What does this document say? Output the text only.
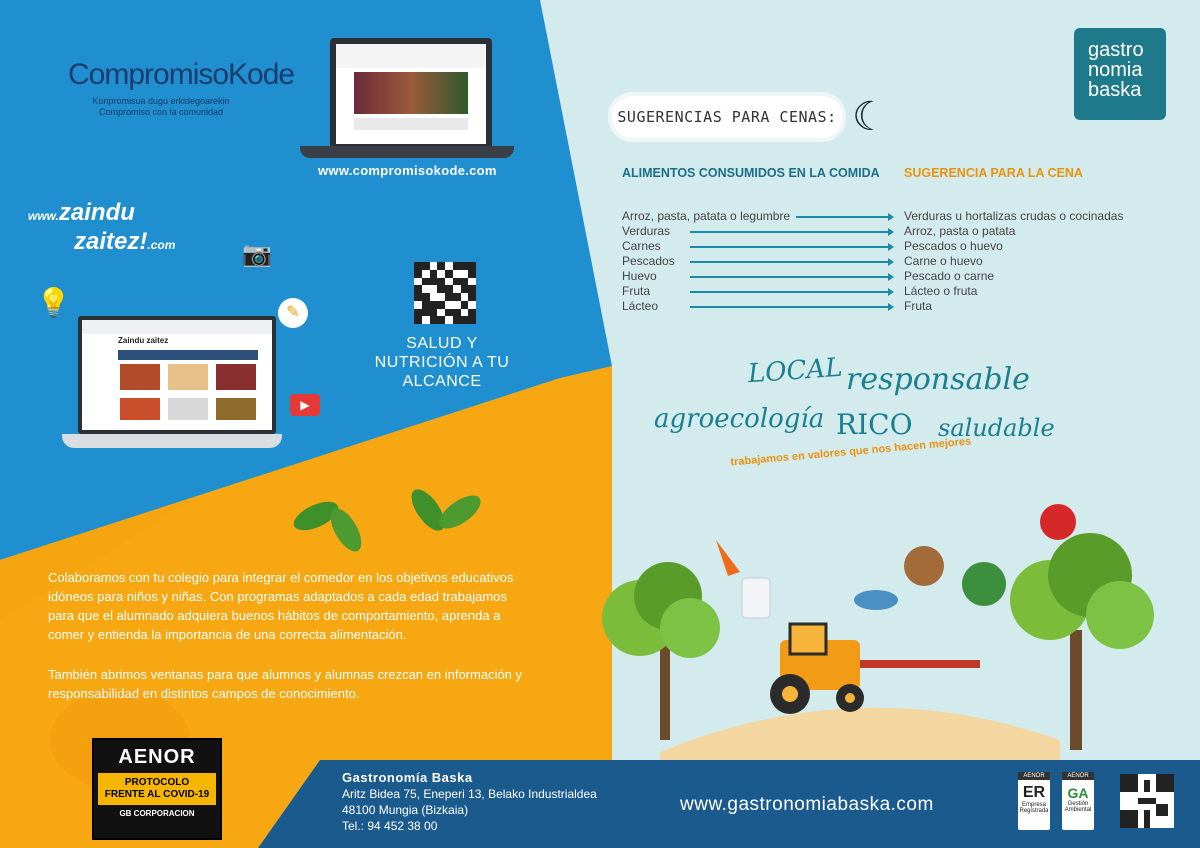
CompromisoKode
Konpromisua dugu erkidegoarekin
Compromiso con la comunidad
www.compromisokode.com
www.zaindu
zaitez!.com
💡
📷
✎
▶
Zaindu zaitez	SALUD Y NUTRICIÓN A TU ALCANCE
gastro
nomia
baska
SUGERENCIAS PARA CENAS: ☾
ALIMENTOS CONSUMIDOS EN LA COMIDA SUGERENCIA PARA LA CENA
Arroz, pasta, patata o legumbre
Verduras
Carnes
Pescados
Huevo
Fruta
Lácteo
Verduras u hortalizas crudas o cocinadas
Arroz, pasta o patata
Pescados o huevo
Carne o huevo
Pescado o carne
Lácteo o fruta
Fruta
LOCAL responsable
agroecología RICO saludable
trabajamos en valores que nos hacen mejores
Colaboramos con tu colegio para integrar el comedor en los objetivos educativos idóneos para niños y niñas. Con programas adaptados a cada edad trabajamos para que el alumnado adquiera buenos hábitos de comportamiento, aprenda a comer y entienda la importancia de una correcta alimentación.
También abrimos ventanas para que alumnos y alumnas crezcan en información y responsabilidad en distintos campos de conocimiento.
AENOR
PROTOCOLO
FRENTE AL COVID-19
GB CORPORACION
Gastronomía Baska
Aritz Bidea 75, Eneperi 13, Belako Industrialdea
48100 Mungia (Bizkaia)
Tel.: 94 452 38 00
www.gastronomiabaska.com
AENOR
ER
Empresa Registrada
AENOR
GA
Gestión Ambiental
